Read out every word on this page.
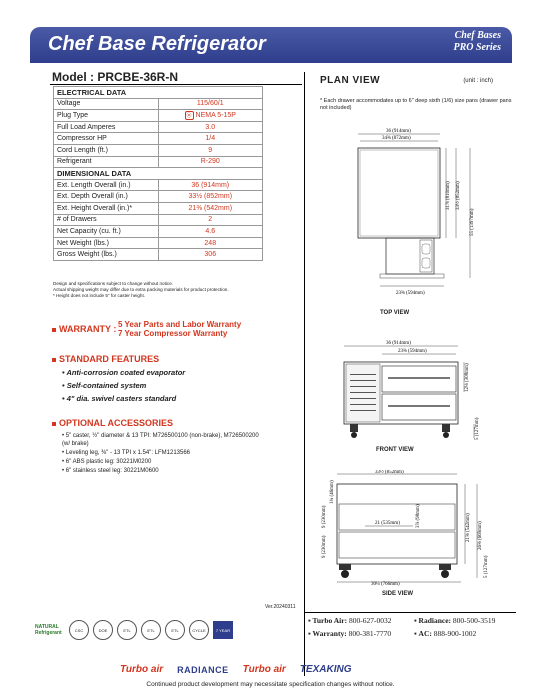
Chef Base Refrigerator	Chef Bases
PRO Series
Model : PRCBE-36R-N
ELECTRICAL DATA	
Voltage	115/60/1
Plug Type	⦿ NEMA 5-15P
Full Load Amperes	3.0
Compressor HP	1/4
Cord Length (ft.)	9
Refrigerant	R-290
DIMENSIONAL DATA	
Ext. Length Overall (in.)	36 (914mm)
Ext. Depth Overall (in.)	33½ (852mm)
Ext. Height Overall (in.)*	21⅜ (542mm)
# of Drawers	2
Net Capacity (cu. ft.)	4.6
Net Weight (lbs.)	248
Gross Weight (lbs.)	306
Design and specifications subject to change without notice.
Actual shipping weight may differ due to extra packing materials for product protection.
* Height does not include 5" for caster height.
WARRANTY : 5 Year Parts and Labor Warranty
7 Year Compressor Warranty
STANDARD FEATURES
• Anti-corrosion coated evaporator
• Self-contained system
• 4" dia. swivel casters standard
OPTIONAL ACCESSORIES
• 5" caster, ½" diameter & 13 TPI: M726500100 (non-brake), M726500200 (w/ brake)
• Leveling leg, ⅜" - 13 TPI x 1.54": LFM1213566
• 6" ABS plastic leg: 30221M0200
• 6" stainless steel leg: 30221M0600
PLAN VIEW	(unit : inch)
* Each drawer accommodates up to 6" deep sixth (1/6) size pans (drawer pans not included)
36 (914mm)
34⅜ (872mm)
31⅞ (810mm) 33½ (852mm)
55 (1397mm)
23⅜ (594mm)
TOP VIEW
36 (914mm)
23⅜ (594mm)
12⅛ (308mm)
5 (127mm)
FRONT VIEW
33½ (852mm)
21⅜ (542mm) 26⅜ (669mm)
21 (535mm)
30¼ (766mm)
9 (230mm)
9 (230mm)
3⅞ (98mm)
1¾ (46mm)
5 (127mm)
SIDE VIEW
Ver.20240311
NATURAL Refrigerant	CSC	DOE	ETL	ETL	ETL	CYCLE	7 YEAR
▪ Turbo Air: 800-627-0032	▪ Radiance: 800-500-3519
▪ Warranty: 800-381-7770	▪ AC: 888-900-1002
Turbo air RADIANCE Turbo air TEXAKING
Continued product development may necessitate specification changes without notice.
